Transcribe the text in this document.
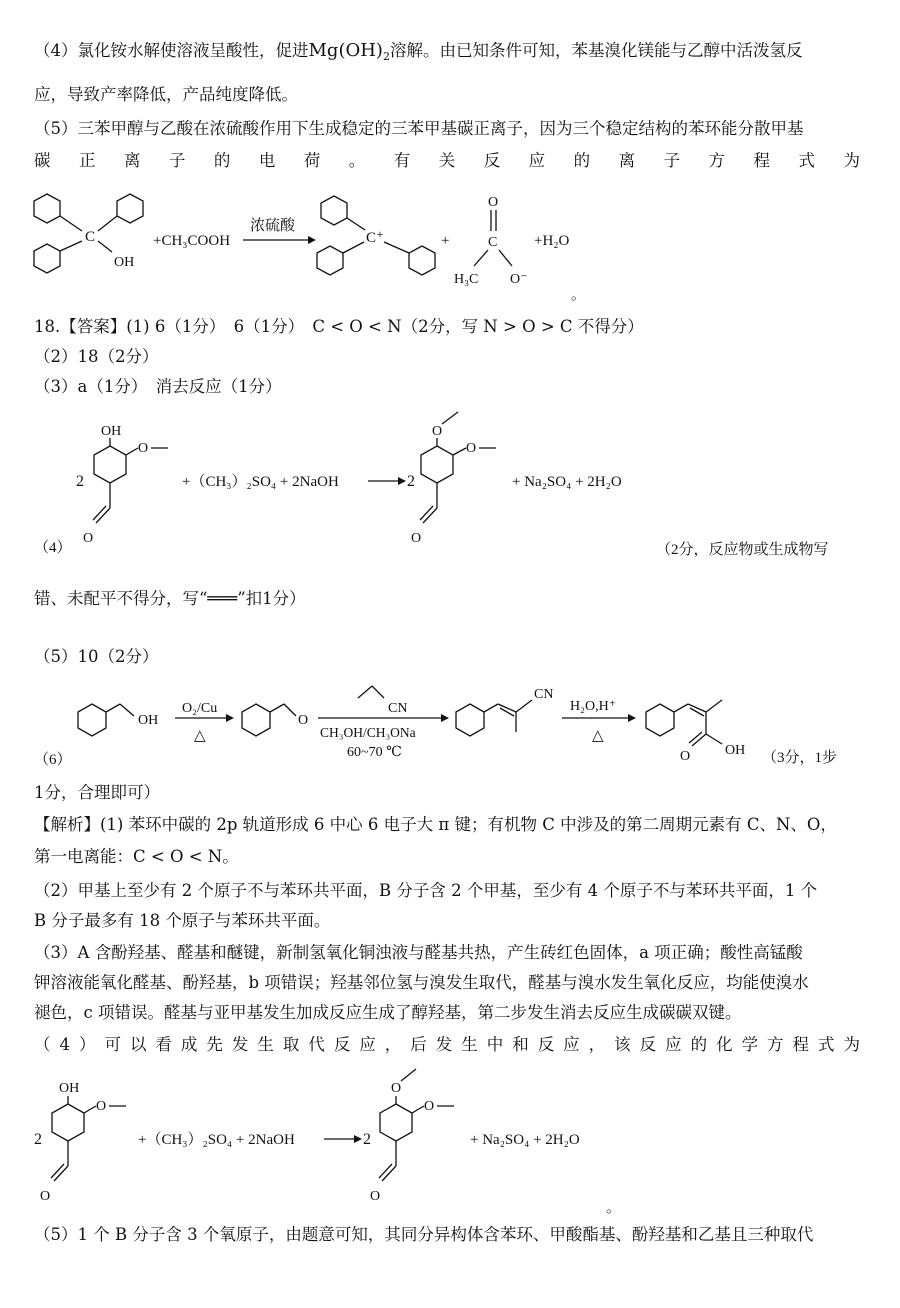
（4）氯化铵水解使溶液呈酸性，促进$Mg(OH)_2$溶解。由已知条件可知，苯基溴化镁能与乙醇中活泼氢反
应，导致产率降低，产品纯度降低。
（5）三苯甲醇与乙酸在浓硫酸作用下生成稳定的三苯甲基碳正离子，因为三个稳定结构的苯环能分散甲基
碳 正 离 子 的 电 荷 。 有 关 反 应 的 离 子 方 程 式 为
C
OH
+CH₃COOH
浓硫酸
C⁺	+
O
C
H₃C O⁻
+H₂O
。
18.【答案】(1) 6（1分）　6（1分）　C < O < N（2分，写 N > O > C 不得分）
（2）18（2分）
（3）a（1分）　消去反应（1分）
（4）
2
OH
O
O
+（CH₃）₂SO₄ + 2NaOH	2
O
O
O
+ Na₂SO₄ + 2H₂O
（2分，反应物或生成物写
错、未配平不得分，写“═══”扣1分）
（5）10（2分）
（6）
OH
O₂/Cu
△
O
CN
CH₃OH/CH₃ONa
60~70 ℃
CN
H₂O,H⁺
△
O OH （3分，1步
1分，合理即可）
【解析】(1) 苯环中碳的 2p 轨道形成 6 中心 6 电子大 π 键；有机物 C 中涉及的第二周期元素有 C、N、O，
第一电离能：C < O < N。
（2）甲基上至少有 2 个原子不与苯环共平面，B 分子含 2 个甲基，至少有 4 个原子不与苯环共平面，1 个
B 分子最多有 18 个原子与苯环共平面。
（3）A 含酚羟基、醛基和醚键，新制氢氧化铜浊液与醛基共热，产生砖红色固体，a 项正确；酸性高锰酸
钾溶液能氧化醛基、酚羟基，b 项错误；羟基邻位氢与溴发生取代，醛基与溴水发生氧化反应，均能使溴水
褪色，c 项错误。醛基与亚甲基发生加成反应生成了醇羟基，第二步发生消去反应生成碳碳双键。
（ 4 ） 可 以 看 成 先 发 生 取 代 反 应 ， 后 发 生 中 和 反 应 ， 该 反 应 的 化 学 方 程 式 为
2
OH
O
O
+（CH₃）₂SO₄ + 2NaOH	2
O
O
O
+ Na₂SO₄ + 2H₂O
。
（5）1 个 B 分子含 3 个氧原子，由题意可知，其同分异构体含苯环、甲酸酯基、酚羟基和乙基且三种取代
